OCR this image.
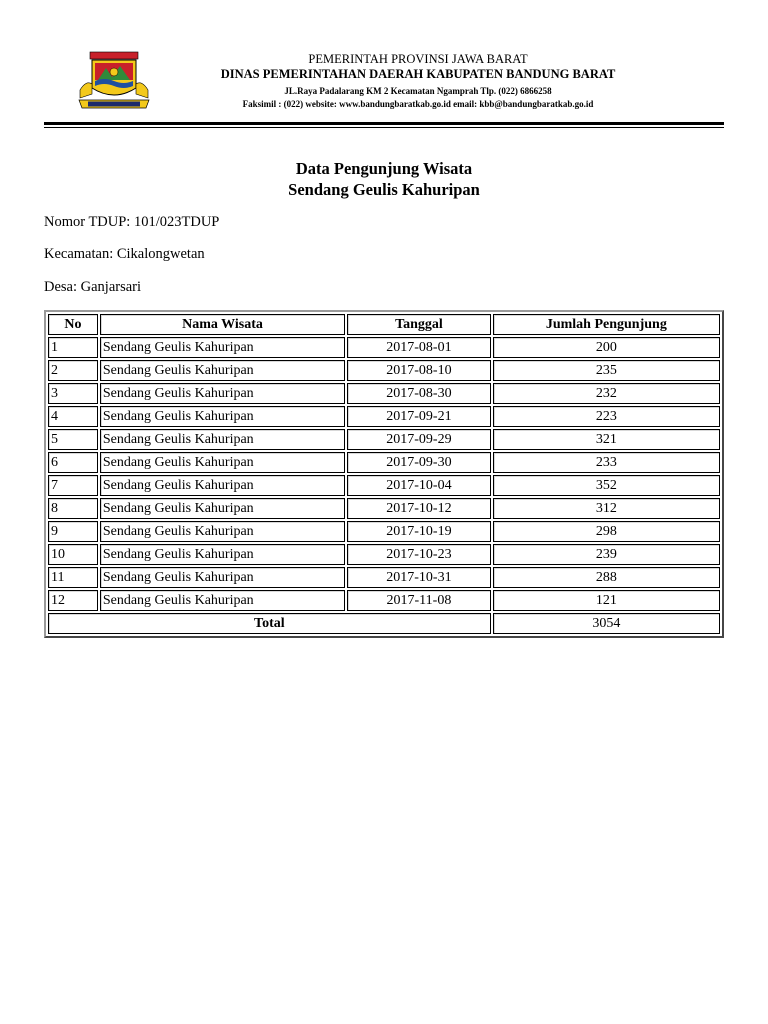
PEMERINTAH PROVINSI JAWA BARAT
DINAS PEMERINTAHAN DAERAH KABUPATEN BANDUNG BARAT
JL.Raya Padalarang KM 2 Kecamatan Ngamprah Tlp. (022) 6866258
Faksimil : (022) website: www.bandungbaratkab.go.id email: kbb@bandungbaratkab.go.id
Data Pengunjung Wisata
Sendang Geulis Kahuripan
Nomor TDUP: 101/023TDUP
Kecamatan: Cikalongwetan
Desa: Ganjarsari
No	Nama Wisata	Tanggal	Jumlah Pengunjung
1	Sendang Geulis Kahuripan	2017-08-01	200
2	Sendang Geulis Kahuripan	2017-08-10	235
3	Sendang Geulis Kahuripan	2017-08-30	232
4	Sendang Geulis Kahuripan	2017-09-21	223
5	Sendang Geulis Kahuripan	2017-09-29	321
6	Sendang Geulis Kahuripan	2017-09-30	233
7	Sendang Geulis Kahuripan	2017-10-04	352
8	Sendang Geulis Kahuripan	2017-10-12	312
9	Sendang Geulis Kahuripan	2017-10-19	298
10	Sendang Geulis Kahuripan	2017-10-23	239
11	Sendang Geulis Kahuripan	2017-10-31	288
12	Sendang Geulis Kahuripan	2017-11-08	121
Total			3054
